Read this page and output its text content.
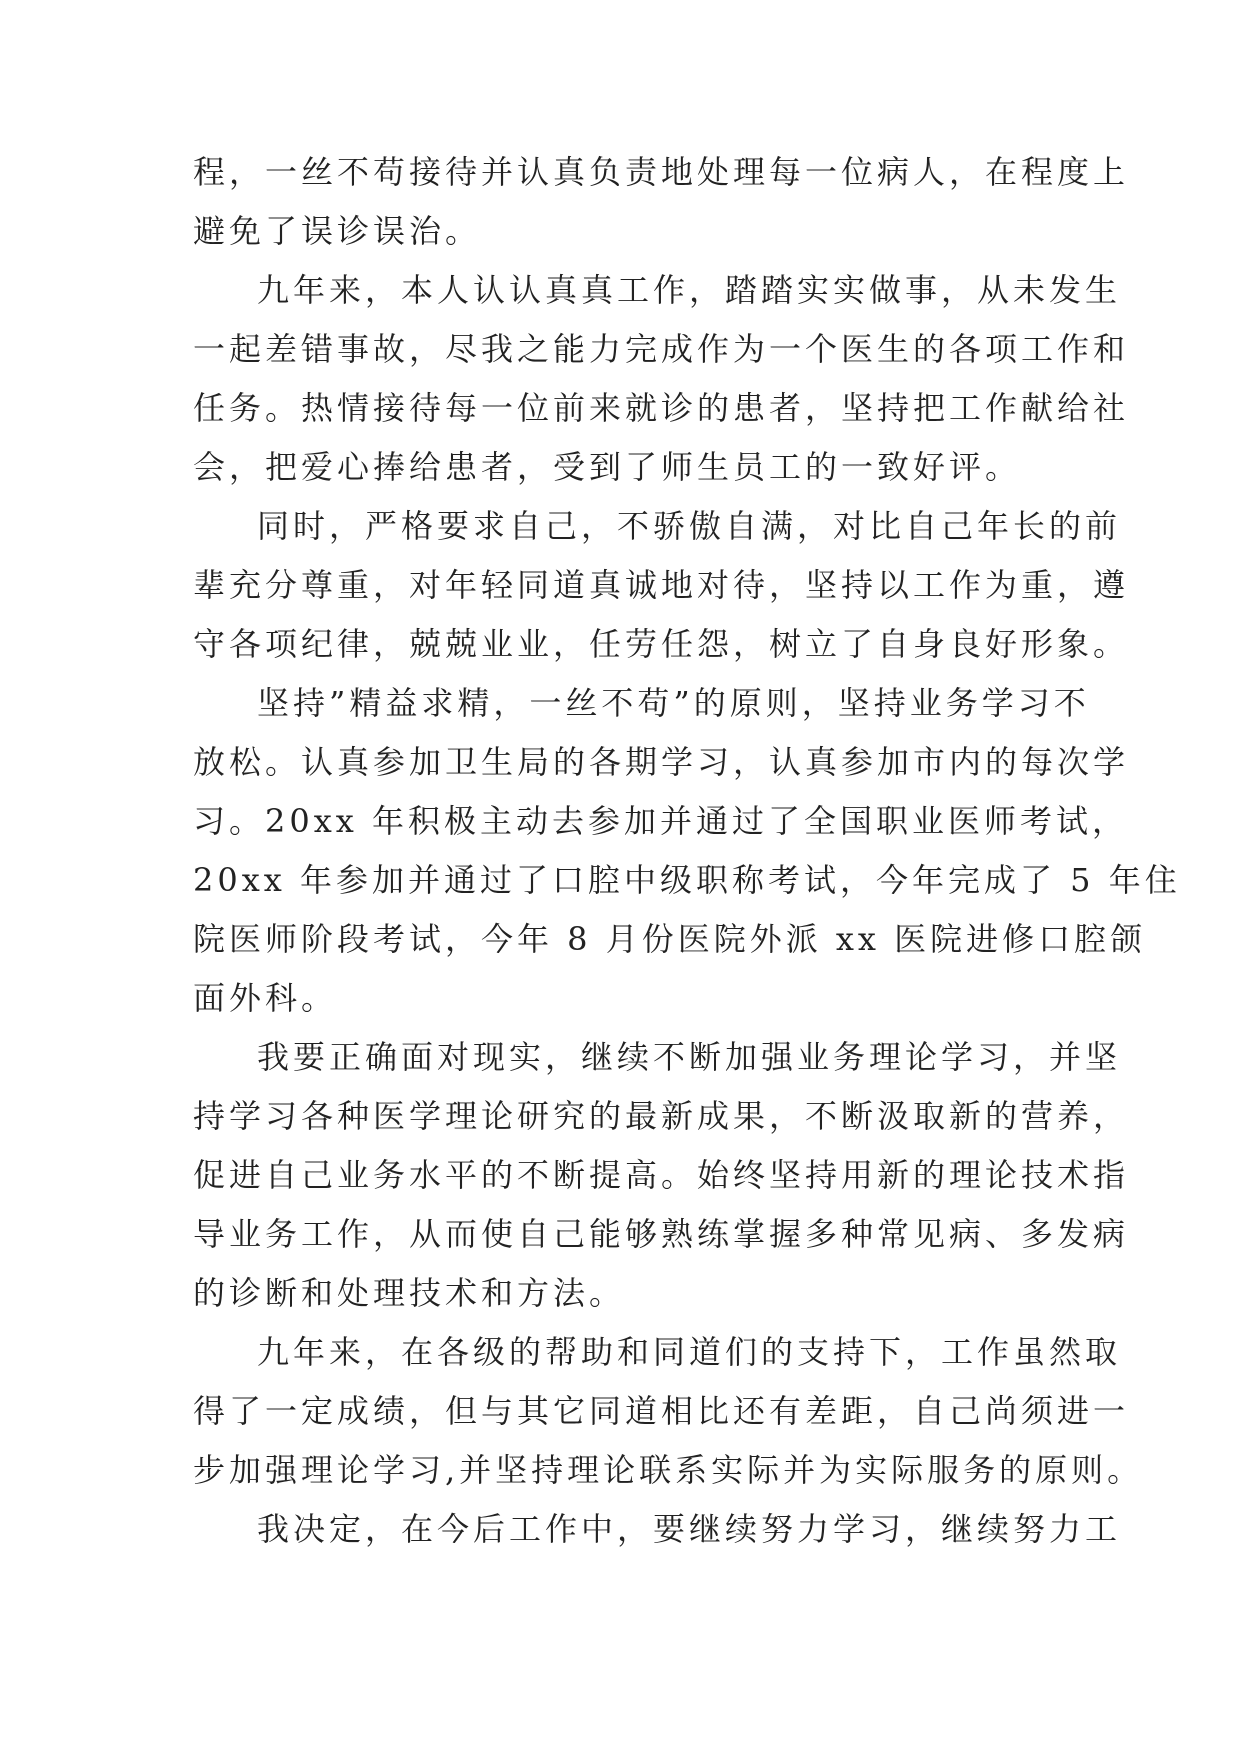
程，一丝不苟接待并认真负责地处理每一位病人，在程度上
避免了误诊误治。
九年来，本人认认真真工作，踏踏实实做事，从未发生
一起差错事故，尽我之能力完成作为一个医生的各项工作和
任务。热情接待每一位前来就诊的患者，坚持把工作献给社
会，把爱心捧给患者，受到了师生员工的一致好评。
同时，严格要求自己，不骄傲自满，对比自己年长的前
辈充分尊重，对年轻同道真诚地对待，坚持以工作为重，遵
守各项纪律，兢兢业业，任劳任怨，树立了自身良好形象。
坚持”精益求精，一丝不苟”的原则，坚持业务学习不
放松。认真参加卫生局的各期学习，认真参加市内的每次学
习。20xx 年积极主动去参加并通过了全国职业医师考试，
20xx 年参加并通过了口腔中级职称考试，今年完成了 5 年住
院医师阶段考试，今年 8 月份医院外派 xx 医院进修口腔颌
面外科。
我要正确面对现实，继续不断加强业务理论学习，并坚
持学习各种医学理论研究的最新成果，不断汲取新的营养，
促进自己业务水平的不断提高。始终坚持用新的理论技术指
导业务工作，从而使自己能够熟练掌握多种常见病、多发病
的诊断和处理技术和方法。
九年来，在各级的帮助和同道们的支持下，工作虽然取
得了一定成绩，但与其它同道相比还有差距，自己尚须进一
步加强理论学习,并坚持理论联系实际并为实际服务的原则。
我决定，在今后工作中，要继续努力学习，继续努力工
